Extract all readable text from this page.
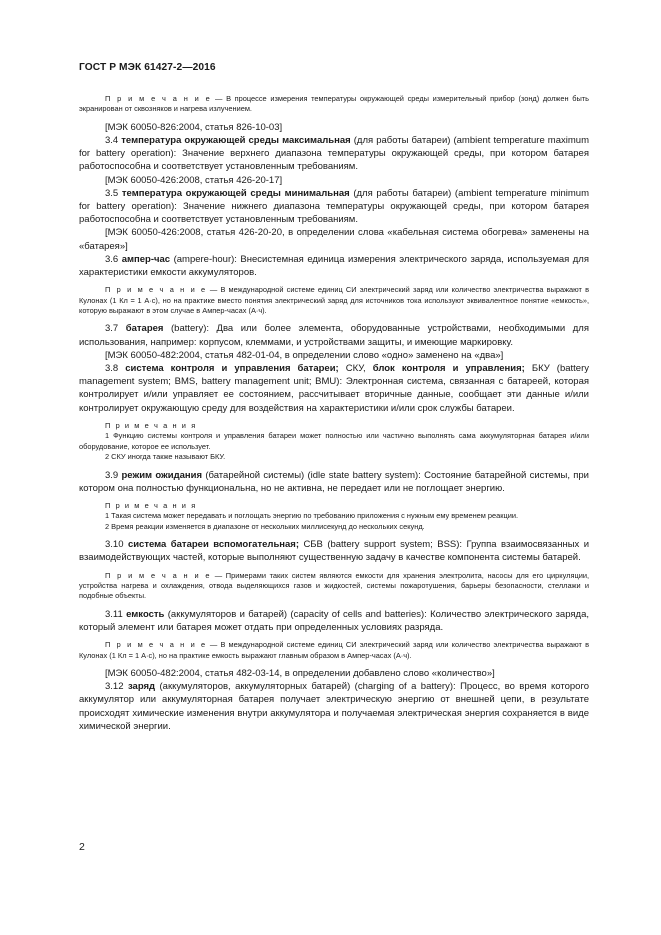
ГОСТ Р МЭК 61427-2—2016

П р и м е ч а н и е — В процессе измерения температуры окружающей среды измерительный прибор (зонд) должен быть экранирован от сквозняков и нагрева излучением.

[МЭК 60050-826:2004, статья 826-10-03]

3.4 температура окружающей среды максимальная (для работы батареи) (ambient temperature maximum for battery operation): Значение верхнего диапазона температуры окружающей среды, при котором батарея работоспособна и соответствует установленным требованиям.

[МЭК 60050-426:2008, статья 426-20-17]

3.5 температура окружающей среды минимальная (для работы батареи) (ambient temperature minimum for battery operation): Значение нижнего диапазона температуры окружающей среды, при котором батарея работоспособна и соответствует установленным требованиям.

[МЭК 60050-426:2008, статья 426-20-20, в определении слова «кабельная система обогрева» заменены на «батарея»]

3.6 ампер-час (ampere-hour): Внесистемная единица измерения электрического заряда, используемая для характеристики емкости аккумуляторов.

П р и м е ч а н и е — В международной системе единиц СИ электрический заряд или количество электричества выражают в Кулонах (1 Кл = 1 А·с), но на практике вместо понятия электрический заряд для источников тока используют эквивалентное понятие «емкость», которую выражают в этом случае в Ампер-часах (А·ч).

3.7 батарея (battery): Два или более элемента, оборудованные устройствами, необходимыми для использования, например: корпусом, клеммами, и устройствами защиты, и имеющие маркировку.

[МЭК 60050-482:2004, статья 482-01-04, в определении слово «одно» заменено на «два»]

3.8 система контроля и управления батареи; СКУ, блок контроля и управления; БКУ (battery management system; BMS, battery management unit; BMU): Электронная система, связанная с батареей, которая контролирует и/или управляет ее состоянием, рассчитывает вторичные данные, сообщает эти данные и/или контролирует окружающую среду для воздействия на характеристики и/или срок службы батареи.

П р и м е ч а н и я

1 Функцию системы контроля и управления батареи может полностью или частично выполнять сама аккумуляторная батарея и/или оборудование, которое ее использует.

2 СКУ иногда также называют БКУ.

3.9 режим ожидания (батарейной системы) (idle state battery system): Состояние батарейной системы, при котором она полностью функциональна, но не активна, не передает или не поглощает энергию.

П р и м е ч а н и я

1 Такая система может передавать и поглощать энергию по требованию приложения с нужным ему временем реакции.

2 Время реакции изменяется в диапазоне от нескольких миллисекунд до нескольких секунд.

3.10 система батареи вспомогательная; СБВ (battery support system; BSS): Группа взаимосвязанных и взаимодействующих частей, которые выполняют существенную задачу в качестве компонента системы батарей.

П р и м е ч а н и е — Примерами таких систем являются емкости для хранения электролита, насосы для его циркуляции, устройства нагрева и охлаждения, отвода выделяющихся газов и жидкостей, системы пожаротушения, барьеры безопасности, стеллажи и подобные объекты.

3.11 емкость (аккумуляторов и батарей) (capacity of cells and batteries): Количество электрического заряда, который элемент или батарея может отдать при определенных условиях разряда.

П р и м е ч а н и е — В международной системе единиц СИ электрический заряд или количество электричества выражают в Кулонах (1 Кл = 1 А·с), но на практике емкость выражают главным образом в Ампер-часах (А·ч).

[МЭК 60050-482:2004, статья 482-03-14, в определении добавлено слово «количество»]

3.12 заряд (аккумуляторов, аккумуляторных батарей) (charging of a battery): Процесс, во время которого аккумулятор или аккумуляторная батарея получает электрическую энергию от внешней цепи, в результате происходят химические изменения внутри аккумулятора и получаемая электрическая энергия сохраняется в виде химической энергии.

2
